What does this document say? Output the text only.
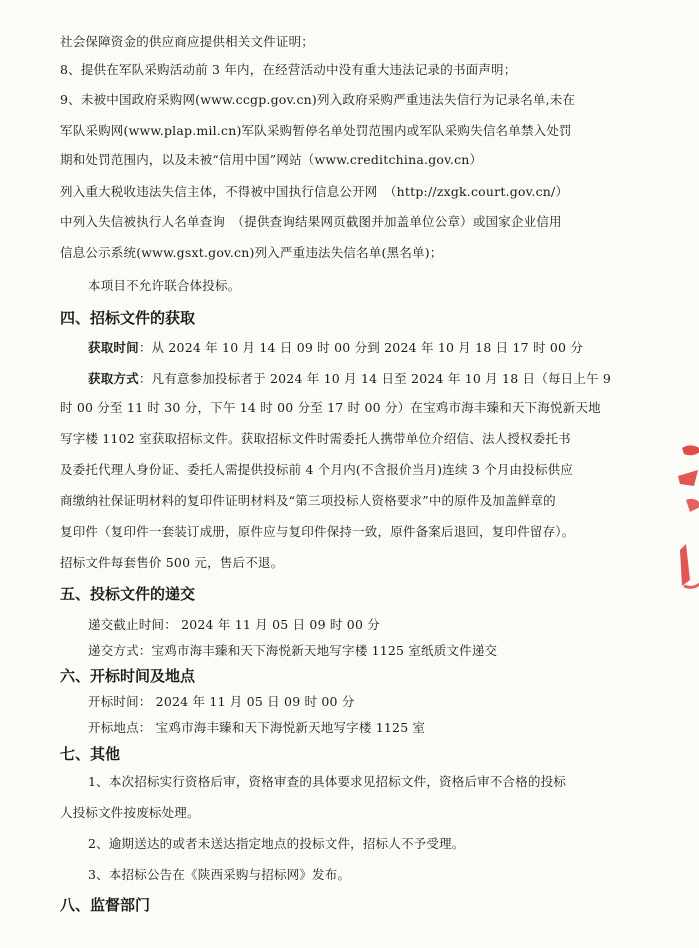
社会保障资金的供应商应提供相关文件证明；
8、提供在军队采购活动前 3 年内，在经营活动中没有重大违法记录的书面声明；
9、未被中国政府采购网(www.ccgp.gov.cn)列入政府采购严重违法失信行为记录名单,未在
军队采购网(www.plap.mil.cn)军队采购暂停名单处罚范围内或军队采购失信名单禁入处罚
期和处罚范围内，以及未被“信用中国”网站（www.creditchina.gov.cn）
列入重大税收违法失信主体，不得被中国执行信息公开网　（http://zxgk.court.gov.cn/）
中列入失信被执行人名单查询　（提供查询结果网页截图并加盖单位公章）或国家企业信用
信息公示系统(www.gsxt.gov.cn)列入严重违法失信名单(黑名单)；
本项目不允许联合体投标。
四、招标文件的获取
获取时间：从 2024 年 10 月 14 日 09 时 00 分到 2024 年 10 月 18 日 17 时 00 分
获取方式：凡有意参加投标者于 2024 年 10 月 14 日至 2024 年 10 月 18 日（每日上午 9
时 00 分至 11 时 30 分，下午 14 时 00 分至 17 时 00 分）在宝鸡市海丰臻和天下海悦新天地
写字楼 1102 室获取招标文件。获取招标文件时需委托人携带单位介绍信、法人授权委托书
及委托代理人身份证、委托人需提供投标前 4 个月内(不含报价当月)连续 3 个月由投标供应
商缴纳社保证明材料的复印件证明材料及“第三项投标人资格要求”中的原件及加盖鲜章的
复印件（复印件一套装订成册，原件应与复印件保持一致，原件备案后退回，复印件留存）。
招标文件每套售价 500 元，售后不退。
五、投标文件的递交
递交截止时间： 2024 年 11 月 05 日 09 时 00 分
递交方式：宝鸡市海丰臻和天下海悦新天地写字楼 1125 室纸质文件递交
六、开标时间及地点
开标时间： 2024 年 11 月 05 日 09 时 00 分
开标地点： 宝鸡市海丰臻和天下海悦新天地写字楼 1125 室
七、其他
1、本次招标实行资格后审，资格审查的具体要求见招标文件，资格后审不合格的投标
人投标文件按废标处理。
2、逾期送达的或者未送达指定地点的投标文件，招标人不予受理。
3、本招标公告在《陕西采购与招标网》发布。
八、监督部门
